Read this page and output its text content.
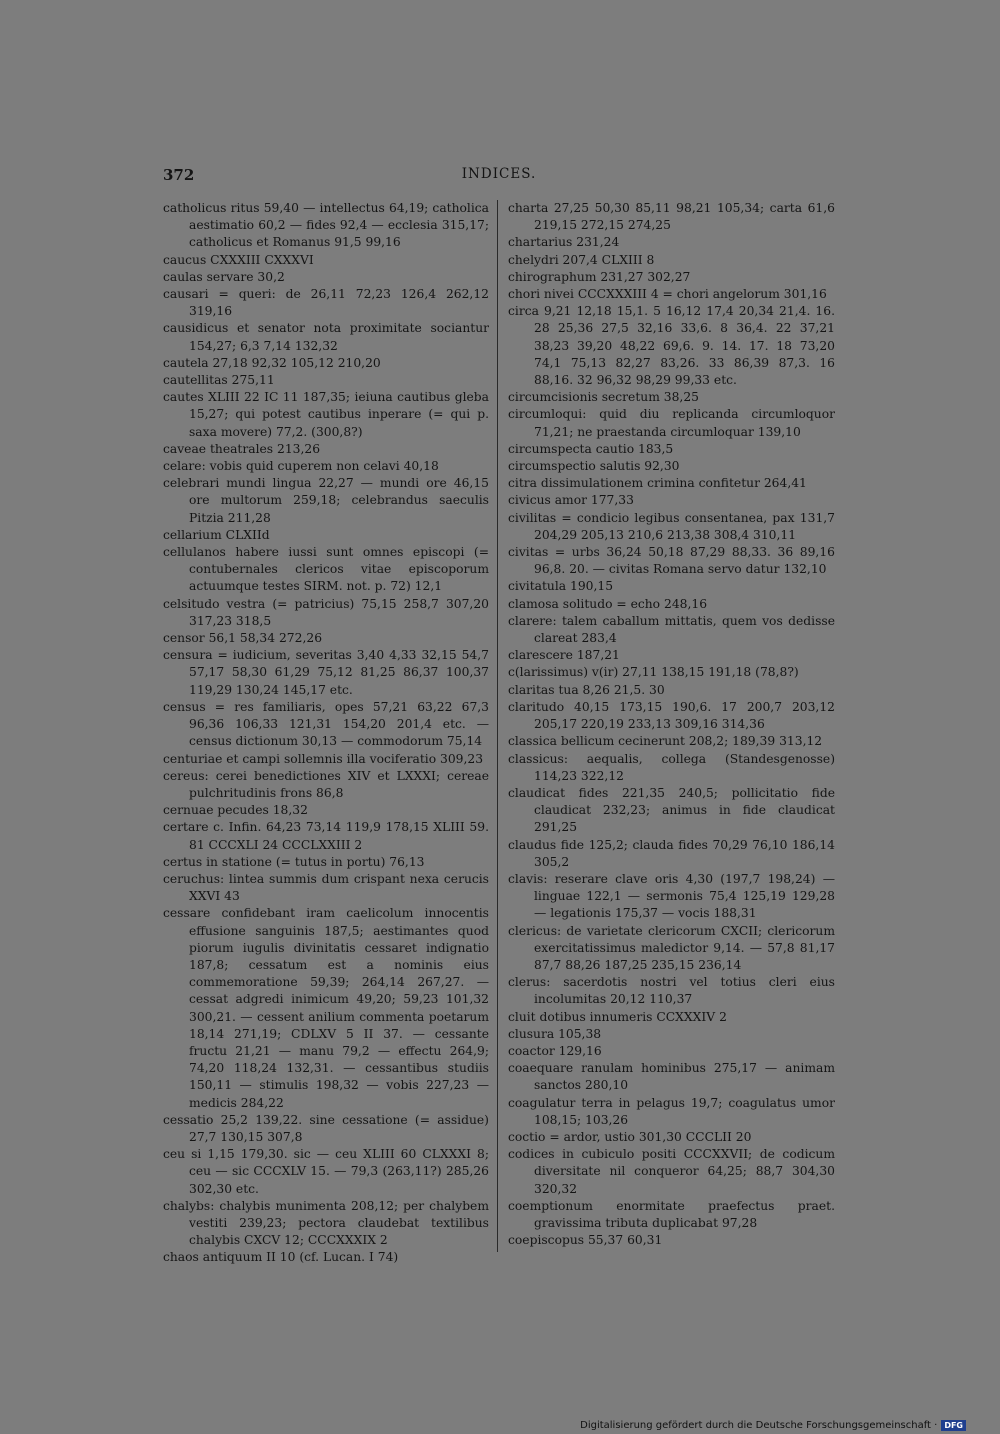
372	INDICES.
catholicus ritus 59,40 — intellectus 64,19; catholica aestimatio 60,2 — fides 92,4 — ecclesia 315,17; catholicus et Romanus 91,5 99,16
caucus CXXXIII CXXXVI
caulas servare 30,2
causari = queri: de 26,11 72,23 126,4 262,12 319,16
causidicus et senator nota proximitate sociantur 154,27; 6,3 7,14 132,32
cautela 27,18 92,32 105,12 210,20
cautellitas 275,11
cautes XLIII 22 IC 11 187,35; ieiuna cautibus gleba 15,27; qui potest cautibus inperare (= qui p. saxa movere) 77,2. (300,8?)
caveae theatrales 213,26
celare: vobis quid cuperem non celavi 40,18
celebrari mundi lingua 22,27 — mundi ore 46,15 ore multorum 259,18; celebrandus saeculis Pitzia 211,28
cellarium CLXIId
cellulanos habere iussi sunt omnes episcopi (= contubernales clericos vitae episcoporum actuumque testes SIRM. not. p. 72) 12,1
celsitudo vestra (= patricius) 75,15 258,7 307,20 317,23 318,5
censor 56,1 58,34 272,26
censura = iudicium, severitas 3,40 4,33 32,15 54,7 57,17 58,30 61,29 75,12 81,25 86,37 100,37 119,29 130,24 145,17 etc.
census = res familiaris, opes 57,21 63,22 67,3 96,36 106,33 121,31 154,20 201,4 etc. — census dictionum 30,13 — commodorum 75,14
centuriae et campi sollemnis illa vociferatio 309,23
cereus: cerei benedictiones XIV et LXXXI; cereae pulchritudinis frons 86,8
cernuae pecudes 18,32
certare c. Infin. 64,23 73,14 119,9 178,15 XLIII 59. 81 CCCXLI 24 CCCLXXIII 2
certus in statione (= tutus in portu) 76,13
ceruchus: lintea summis dum crispant nexa cerucis XXVI 43
cessare confidebant iram caelicolum innocentis effusione sanguinis 187,5; aestimantes quod piorum iugulis divinitatis cessaret indignatio 187,8; cessatum est a nominis eius commemoratione 59,39; 264,14 267,27. — cessat adgredi inimicum 49,20; 59,23 101,32 300,21. — cessent anilium commenta poetarum 18,14 271,19; CDLXV 5 II 37. — cessante fructu 21,21 — manu 79,2 — effectu 264,9; 74,20 118,24 132,31. — cessantibus studiis 150,11 — stimulis 198,32 — vobis 227,23 — medicis 284,22
cessatio 25,2 139,22. sine cessatione (= assidue) 27,7 130,15 307,8
ceu si 1,15 179,30. sic — ceu XLIII 60 CLXXXI 8; ceu — sic CCCXLV 15. — 79,3 (263,11?) 285,26 302,30 etc.
chalybs: chalybis munimenta 208,12; per chalybem vestiti 239,23; pectora claudebat textilibus chalybis CXCV 12; CCCXXXIX 2
chaos antiquum II 10 (cf. Lucan. I 74)
charta 27,25 50,30 85,11 98,21 105,34; carta 61,6 219,15 272,15 274,25
chartarius 231,24
chelydri 207,4 CLXIII 8
chirographum 231,27 302,27
chori nivei CCCXXXIII 4 = chori angelorum 301,16
circa 9,21 12,18 15,1. 5 16,12 17,4 20,34 21,4. 16. 28 25,36 27,5 32,16 33,6. 8 36,4. 22 37,21 38,23 39,20 48,22 69,6. 9. 14. 17. 18 73,20 74,1 75,13 82,27 83,26. 33 86,39 87,3. 16 88,16. 32 96,32 98,29 99,33 etc.
circumcisionis secretum 38,25
circumloqui: quid diu replicanda circumloquor 71,21; ne praestanda circumloquar 139,10
circumspecta cautio 183,5
circumspectio salutis 92,30
citra dissimulationem crimina confitetur 264,41
civicus amor 177,33
civilitas = condicio legibus consentanea, pax 131,7 204,29 205,13 210,6 213,38 308,4 310,11
civitas = urbs 36,24 50,18 87,29 88,33. 36 89,16 96,8. 20. — civitas Romana servo datur 132,10
civitatula 190,15
clamosa solitudo = echo 248,16
clarere: talem caballum mittatis, quem vos dedisse clareat 283,4
clarescere 187,21
c(larissimus) v(ir) 27,11 138,15 191,18 (78,8?)
claritas tua 8,26 21,5. 30
claritudo 40,15 173,15 190,6. 17 200,7 203,12 205,17 220,19 233,13 309,16 314,36
classica bellicum cecinerunt 208,2; 189,39 313,12
classicus: aequalis, collega (Standesgenosse) 114,23 322,12
claudicat fides 221,35 240,5; pollicitatio fide claudicat 232,23; animus in fide claudicat 291,25
claudus fide 125,2; clauda fides 70,29 76,10 186,14 305,2
clavis: reserare clave oris 4,30 (197,7 198,24) — linguae 122,1 — sermonis 75,4 125,19 129,28 — legationis 175,37 — vocis 188,31
clericus: de varietate clericorum CXCII; clericorum exercitatissimus maledictor 9,14. — 57,8 81,17 87,7 88,26 187,25 235,15 236,14
clerus: sacerdotis nostri vel totius cleri eius incolumitas 20,12 110,37
cluit dotibus innumeris CCXXXIV 2
clusura 105,38
coactor 129,16
coaequare ranulam hominibus 275,17 — animam sanctos 280,10
coagulatur terra in pelagus 19,7; coagulatus umor 108,15; 103,26
coctio = ardor, ustio 301,30 CCCLII 20
codices in cubiculo positi CCCXXVII; de codicum diversitate nil conqueror 64,25; 88,7 304,30 320,32
coemptionum enormitate praefectus praet. gravissima tributa duplicabat 97,28
coepiscopus 55,37 60,31
Digitalisierung gefördert durch die Deutsche Forschungsgemeinschaft · DFG
